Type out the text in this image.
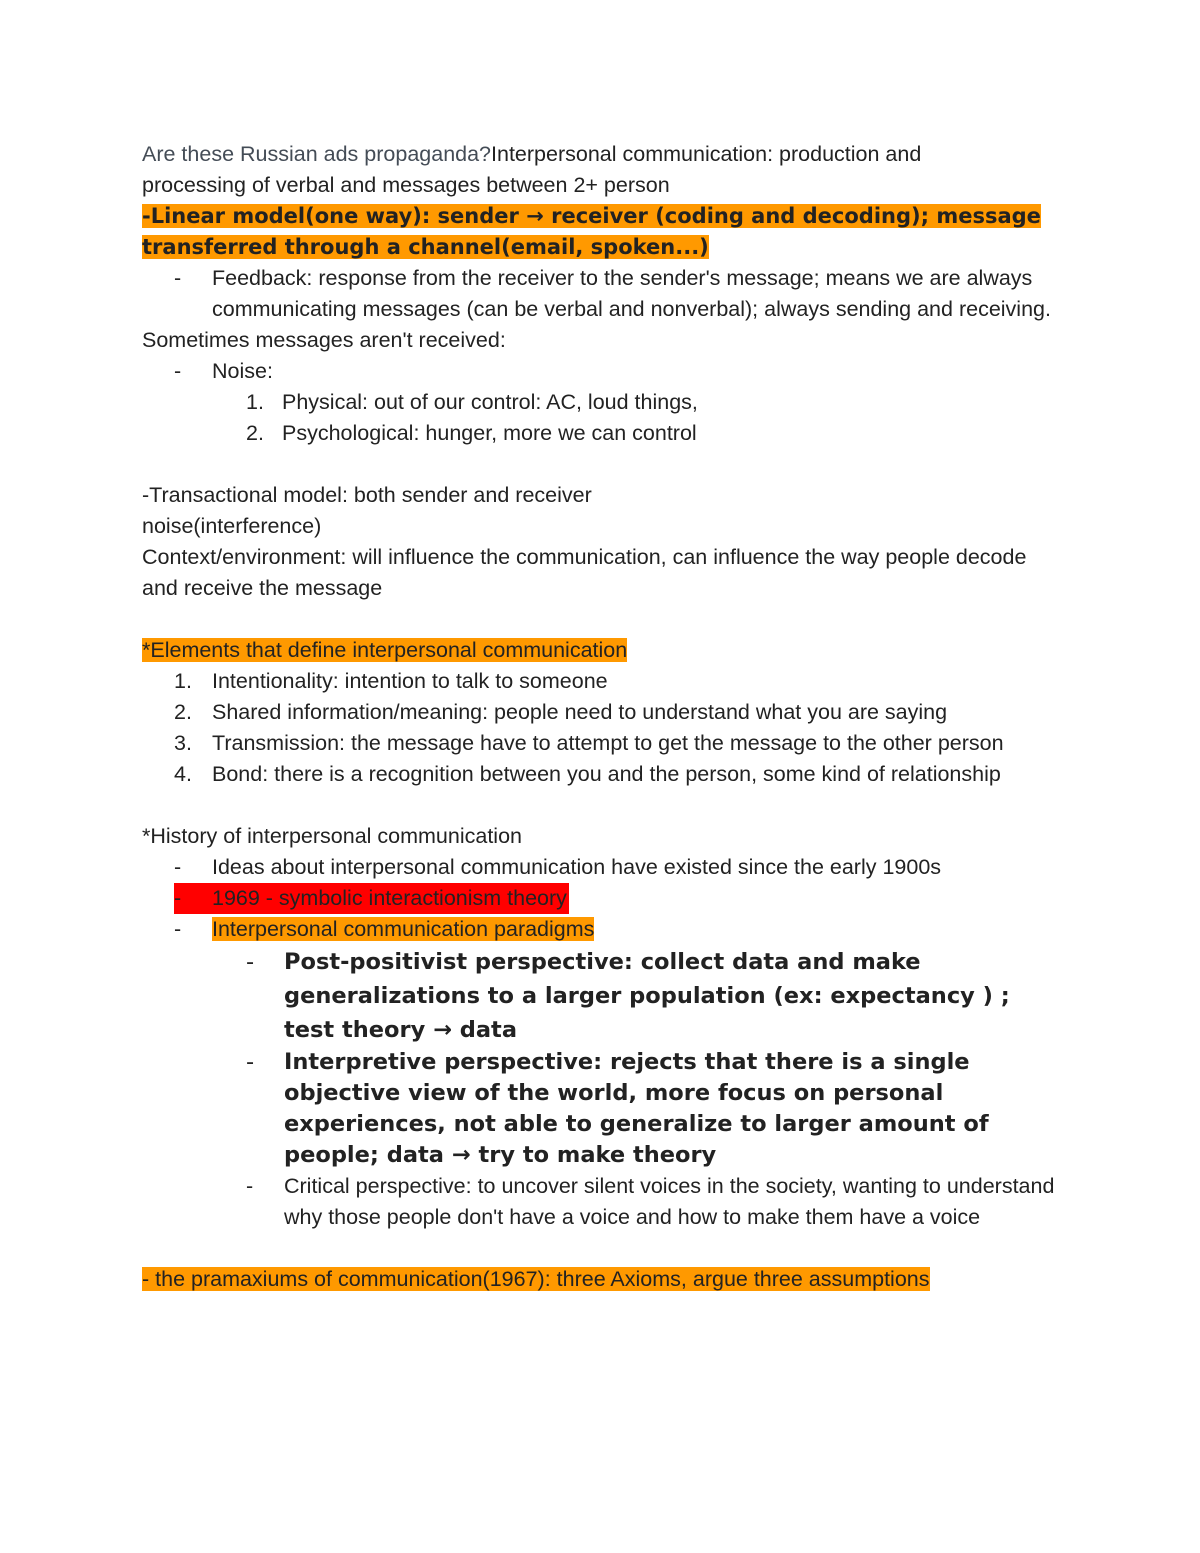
Are these Russian ads propaganda?Interpersonal communication: production and
processing of verbal and messages between 2+ person
-Linear model(one way): sender → receiver (coding and decoding); message transferred through a channel(email, spoken...)
-	Feedback: response from the receiver to the sender's message; means we are always communicating messages (can be verbal and nonverbal); always sending and receiving.
Sometimes messages aren't received:
-	Noise:
1. Physical: out of our control: AC, loud things,
2. Psychological: hunger, more we can control
-Transactional model: both sender and receiver
noise(interference)
Context/environment: will influence the communication, can influence the way people decode and receive the message
*Elements that define interpersonal communication
1. Intentionality: intention to talk to someone
2. Shared information/meaning: people need to understand what you are saying
3. Transmission: the message have to attempt to get the message to the other person
4. Bond: there is a recognition between you and the person, some kind of relationship
*History of interpersonal communication
-	Ideas about interpersonal communication have existed since the early 1900s
-	1969 - symbolic interactionism theory
-	Interpersonal communication paradigms
-	Post-positivist perspective: collect data and make generalizations to a larger population (ex: expectancy ) ; test theory → data
-	Interpretive perspective: rejects that there is a single objective view of the world, more focus on personal experiences, not able to generalize to larger amount of people; data → try to make theory
-	Critical perspective: to uncover silent voices in the society, wanting to understand why those people don't have a voice and how to make them have a voice
- the pramaxiums of communication(1967): three Axioms, argue three assumptions
